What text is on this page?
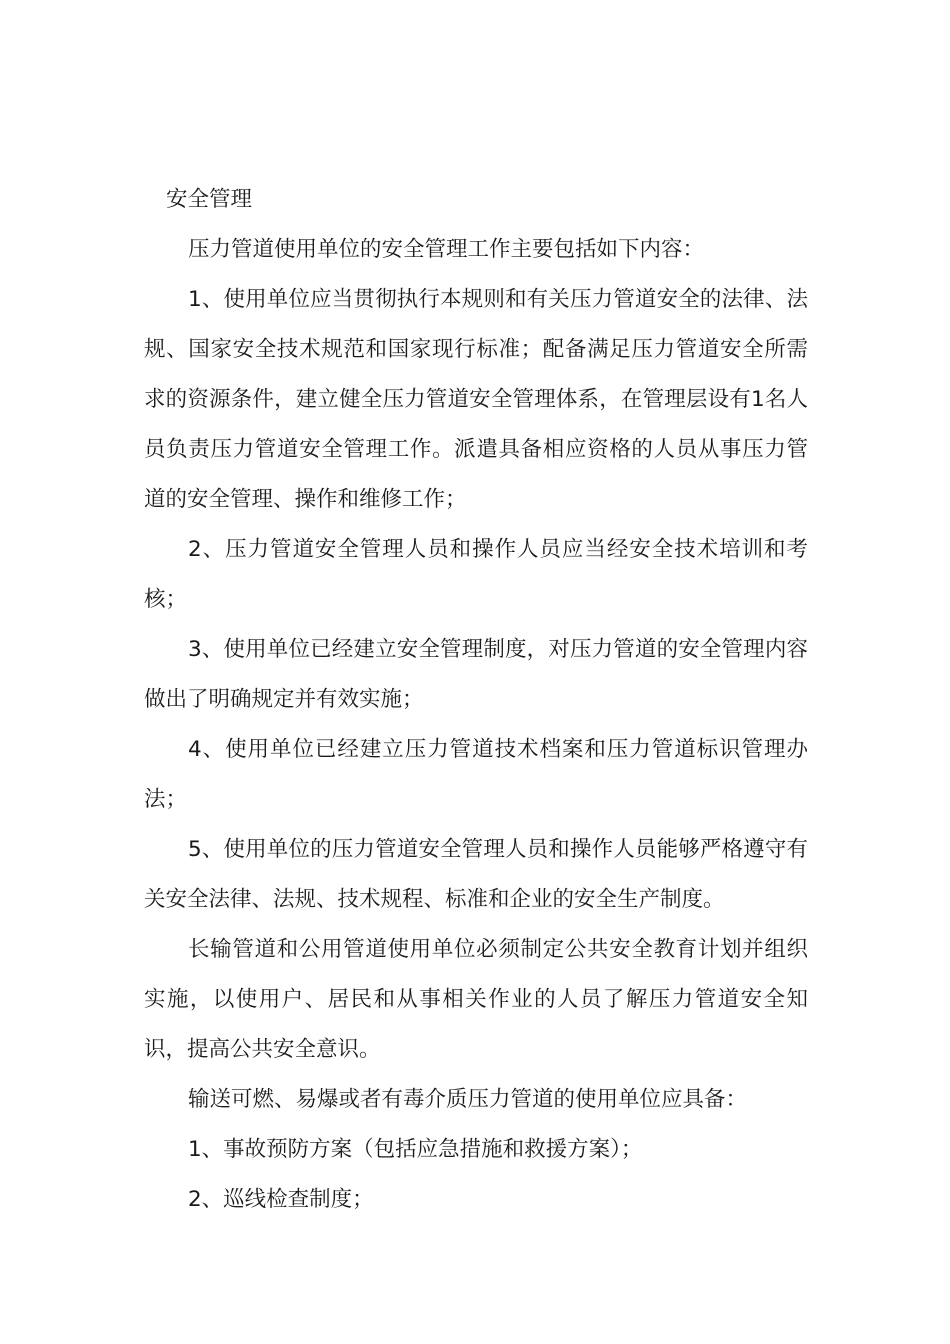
安全管理

压力管道使用单位的安全管理工作主要包括如下内容：

1、使用单位应当贯彻执行本规则和有关压力管道安全的法律、法规、国家安全技术规范和国家现行标准；配备满足压力管道安全所需求的资源条件，建立健全压力管道安全管理体系，在管理层设有1名人员负责压力管道安全管理工作。派遣具备相应资格的人员从事压力管道的安全管理、操作和维修工作；

2、压力管道安全管理人员和操作人员应当经安全技术培训和考核；

3、使用单位已经建立安全管理制度，对压力管道的安全管理内容做出了明确规定并有效实施；

4、使用单位已经建立压力管道技术档案和压力管道标识管理办法；

5、使用单位的压力管道安全管理人员和操作人员能够严格遵守有关安全法律、法规、技术规程、标准和企业的安全生产制度。

长输管道和公用管道使用单位必须制定公共安全教育计划并组织实施，以使用户、居民和从事相关作业的人员了解压力管道安全知识，提高公共安全意识。

输送可燃、易爆或者有毒介质压力管道的使用单位应具备：

1、事故预防方案（包括应急措施和救援方案）；

2、巡线检查制度；
